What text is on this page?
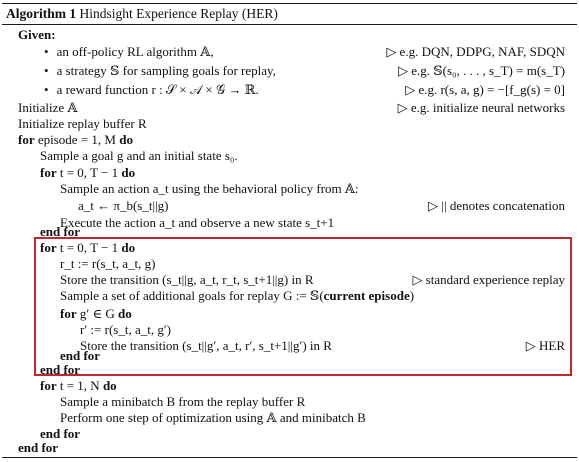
Algorithm 1 Hindsight Experience Replay (HER)
Given:
• an off-policy RL algorithm 𝔸,	▷ e.g. DQN, DDPG, NAF, SDQN
• a strategy 𝕊 for sampling goals for replay,	▷ e.g. 𝕊(s₀, . . . , s_T) = m(s_T)
• a reward function r : 𝒮 × 𝒜 × 𝒢 → ℝ.	▷ e.g. r(s, a, g) = −[f_g(s) = 0]
Initialize 𝔸	▷ e.g. initialize neural networks
Initialize replay buffer R
for episode = 1, M do
Sample a goal g and an initial state s₀.
for t = 0, T − 1 do
Sample an action a_t using the behavioral policy from 𝔸:
a_t ← π_b(s_t||g)	▷ || denotes concatenation
Execute the action a_t and observe a new state s_t+1
end for
for t = 0, T − 1 do
r_t := r(s_t, a_t, g)
Store the transition (s_t||g, a_t, r_t, s_t+1||g) in R	▷ standard experience replay
Sample a set of additional goals for replay G := 𝕊(current episode)
for g′ ∈ G do
r′ := r(s_t, a_t, g′)
Store the transition (s_t||g′, a_t, r′, s_t+1||g′) in R	▷ HER
end for
end for
for t = 1, N do
Sample a minibatch B from the replay buffer R
Perform one step of optimization using 𝔸 and minibatch B
end for
end for
